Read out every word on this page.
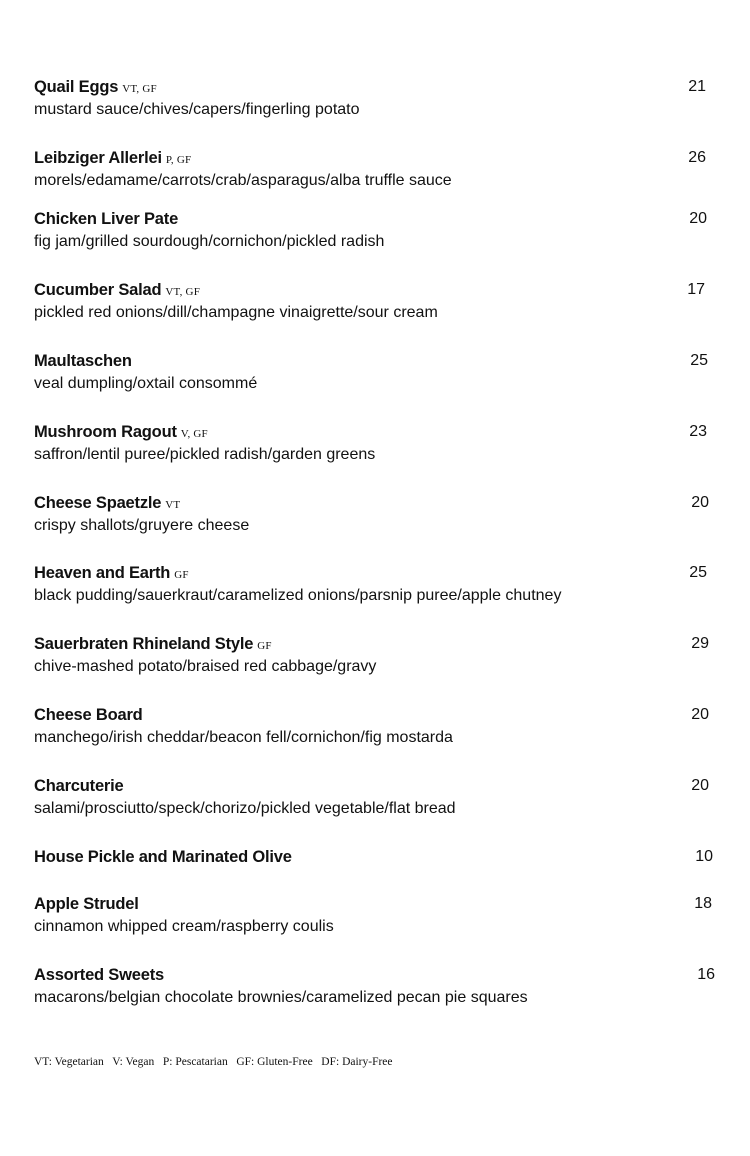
Quail Eggs VT, GF	21
mustard sauce/chives/capers/fingerling potato
Leibziger Allerlei P, GF	26
morels/edamame/carrots/crab/asparagus/alba truffle sauce
Chicken Liver Pate	20
fig jam/grilled sourdough/cornichon/pickled radish
Cucumber Salad VT, GF	17
pickled red onions/dill/champagne vinaigrette/sour cream
Maultaschen	25
veal dumpling/oxtail consommé
Mushroom Ragout V, GF	23
saffron/lentil puree/pickled radish/garden greens
Cheese Spaetzle VT	20
crispy shallots/gruyere cheese
Heaven and Earth GF	25
black pudding/sauerkraut/caramelized onions/parsnip puree/apple chutney
Sauerbraten Rhineland Style GF	29
chive-mashed potato/braised red cabbage/gravy
Cheese Board	20
manchego/irish cheddar/beacon fell/cornichon/fig mostarda
Charcuterie	20
salami/prosciutto/speck/chorizo/pickled vegetable/flat bread
House Pickle and Marinated Olive	10
Apple Strudel	18
cinnamon whipped cream/raspberry coulis
Assorted Sweets	16
macarons/belgian chocolate brownies/caramelized pecan pie squares
VT: Vegetarian   V: Vegan   P: Pescatarian   GF: Gluten-Free   DF: Dairy-Free
